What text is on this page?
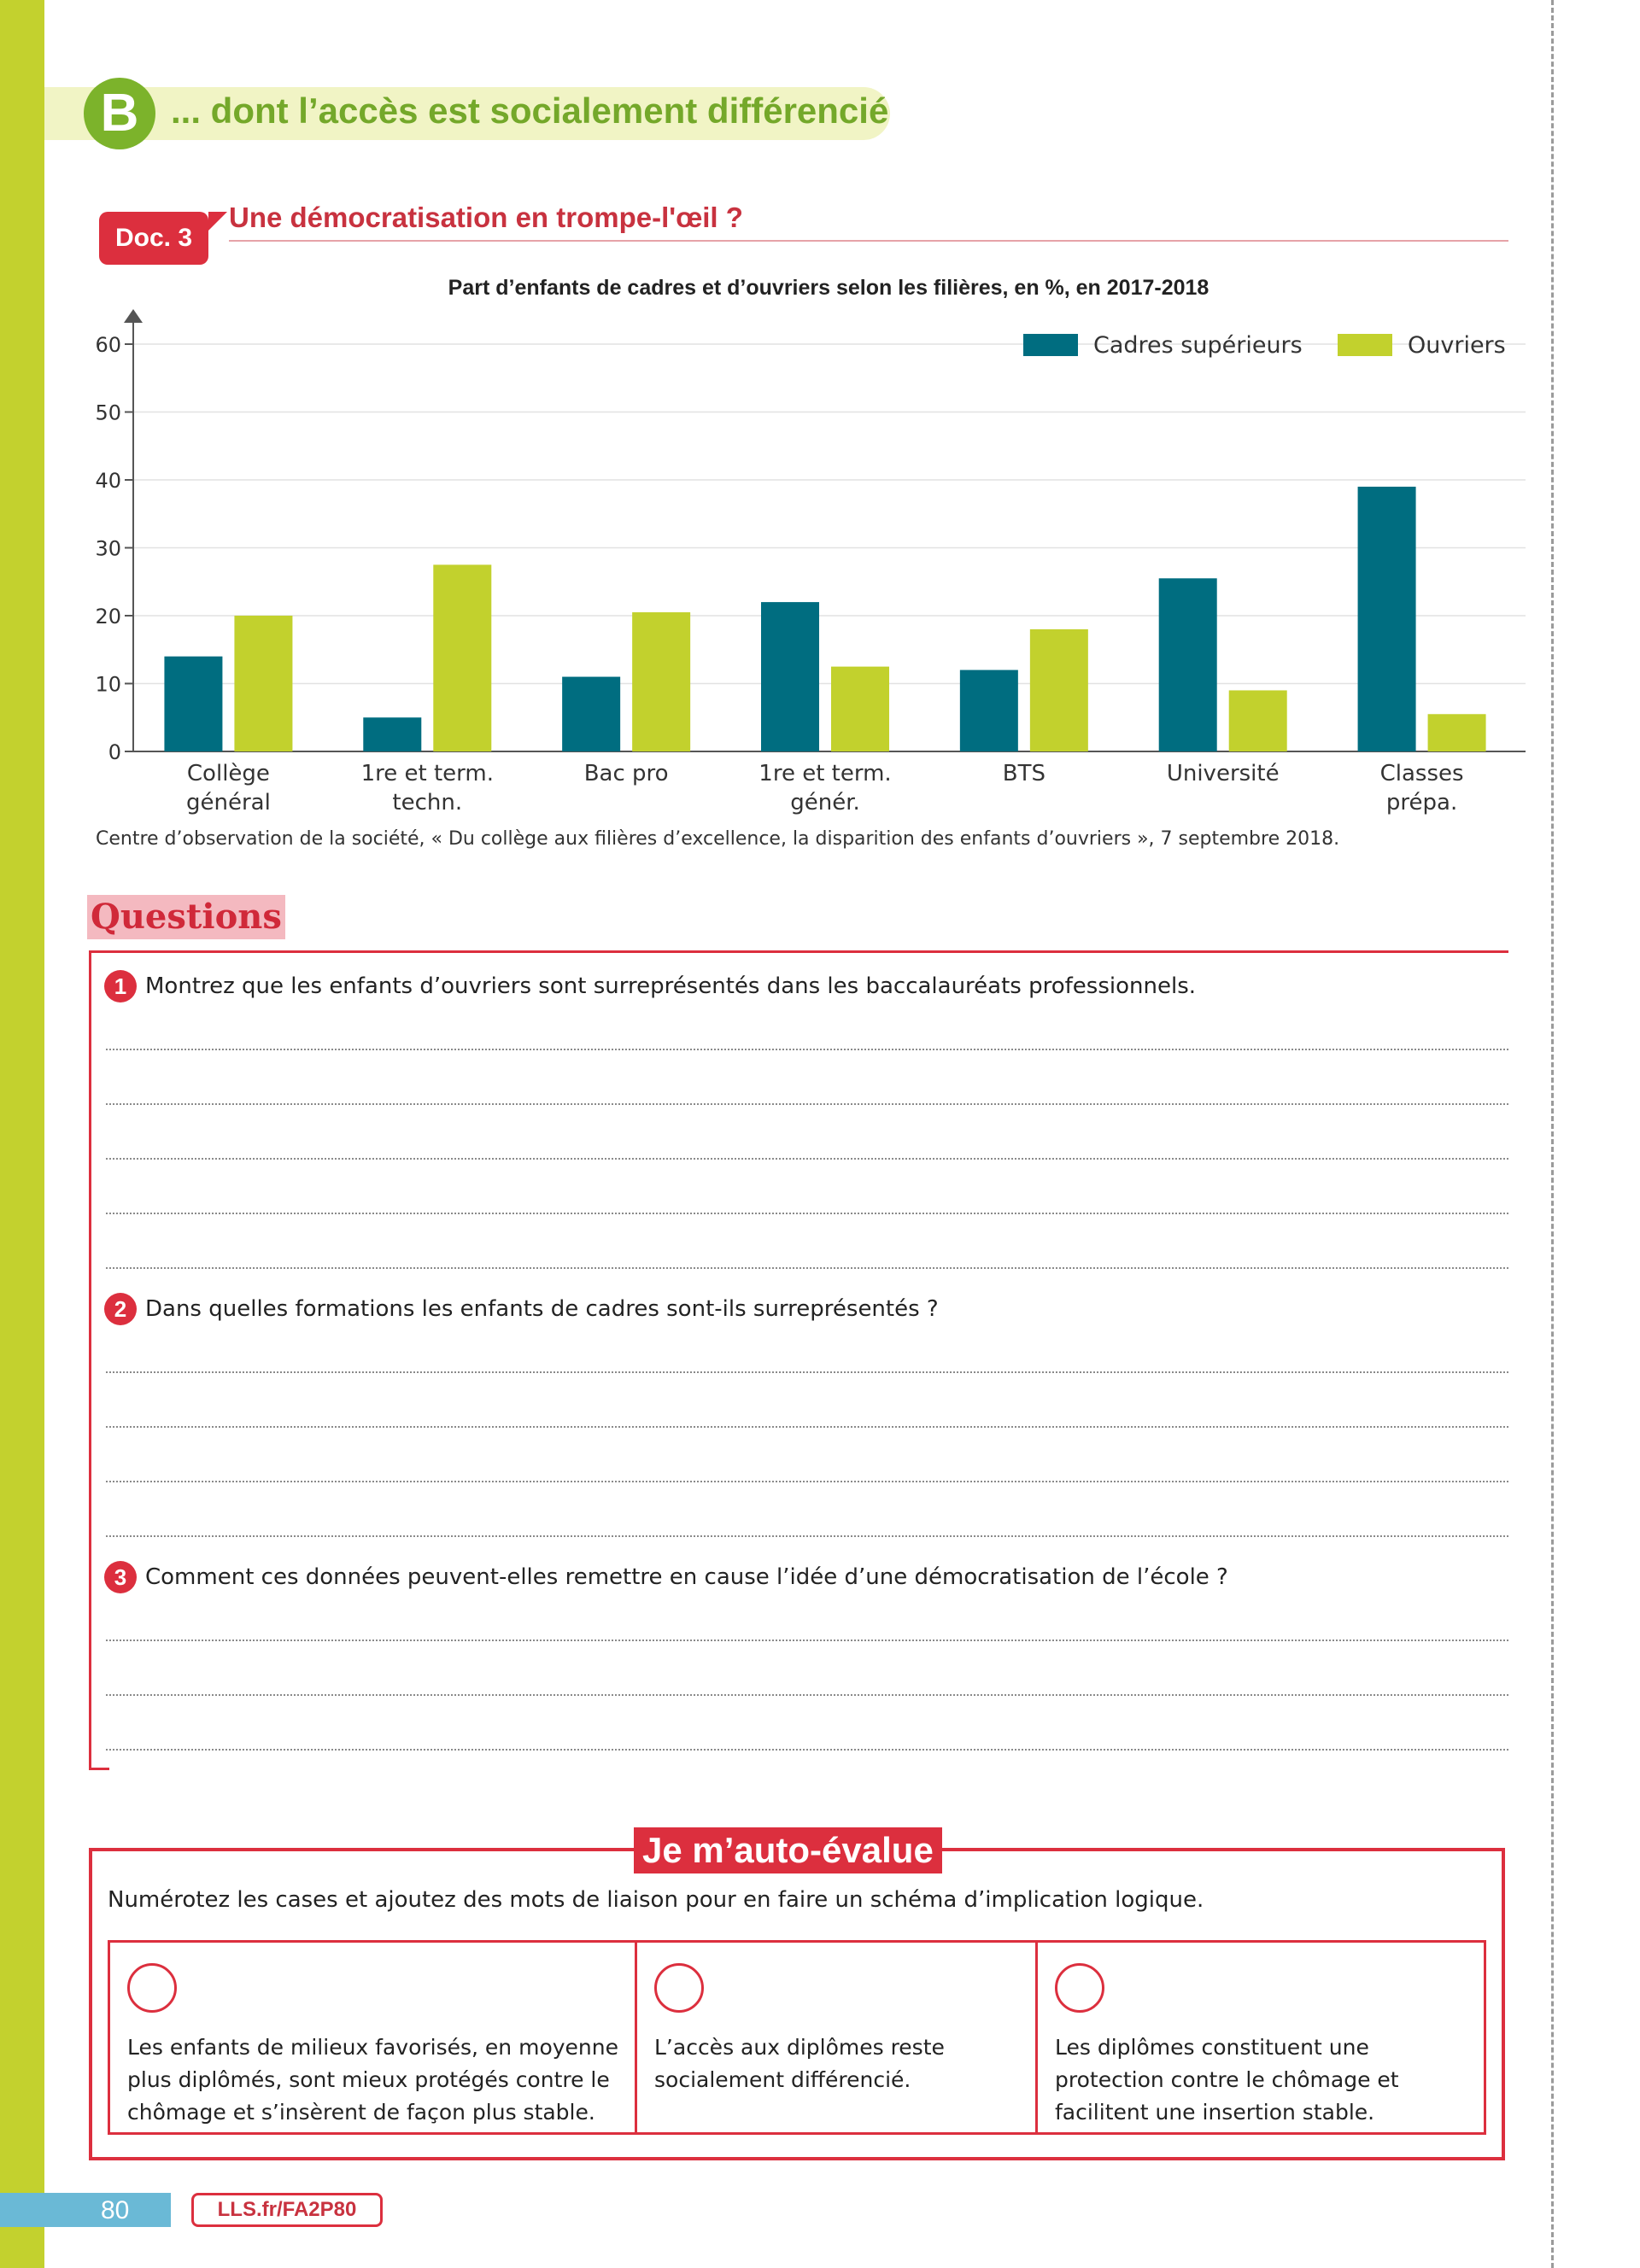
B ... dont l’accès est socialement différencié
Doc. 3
Une démocratisation en trompe-l'œil ?
Part d’enfants de cadres et d’ouvriers selon les filières, en %, en 2017-2018
0
10
20
30
40
50
60
Collège
général
1re et term.
techn.
Bac pro	1re et term.
génér.
BTS	Université	Classes
prépa.
Cadres supérieurs	Ouvriers
Centre d’observation de la société, « Du collège aux filières d’excellence, la disparition des enfants d’ouvriers », 7 septembre 2018.
Questions
1 Montrez que les enfants d’ouvriers sont surreprésentés dans les baccalauréats professionnels.
2 Dans quelles formations les enfants de cadres sont-ils surreprésentés ?
3 Comment ces données peuvent-elles remettre en cause l’idée d’une démocratisation de l’école ?
Je m’auto-évalue
Numérotez les cases et ajoutez des mots de liaison pour en faire un schéma d’implication logique.
Les enfants de milieux favorisés, en moyenne plus diplômés, sont mieux protégés contre le chômage et s’insèrent de façon plus stable.
L’accès aux diplômes reste socialement différencié.
Les diplômes constituent une protection contre le chômage et facilitent une insertion stable.
80	LLS.fr/FA2P80
